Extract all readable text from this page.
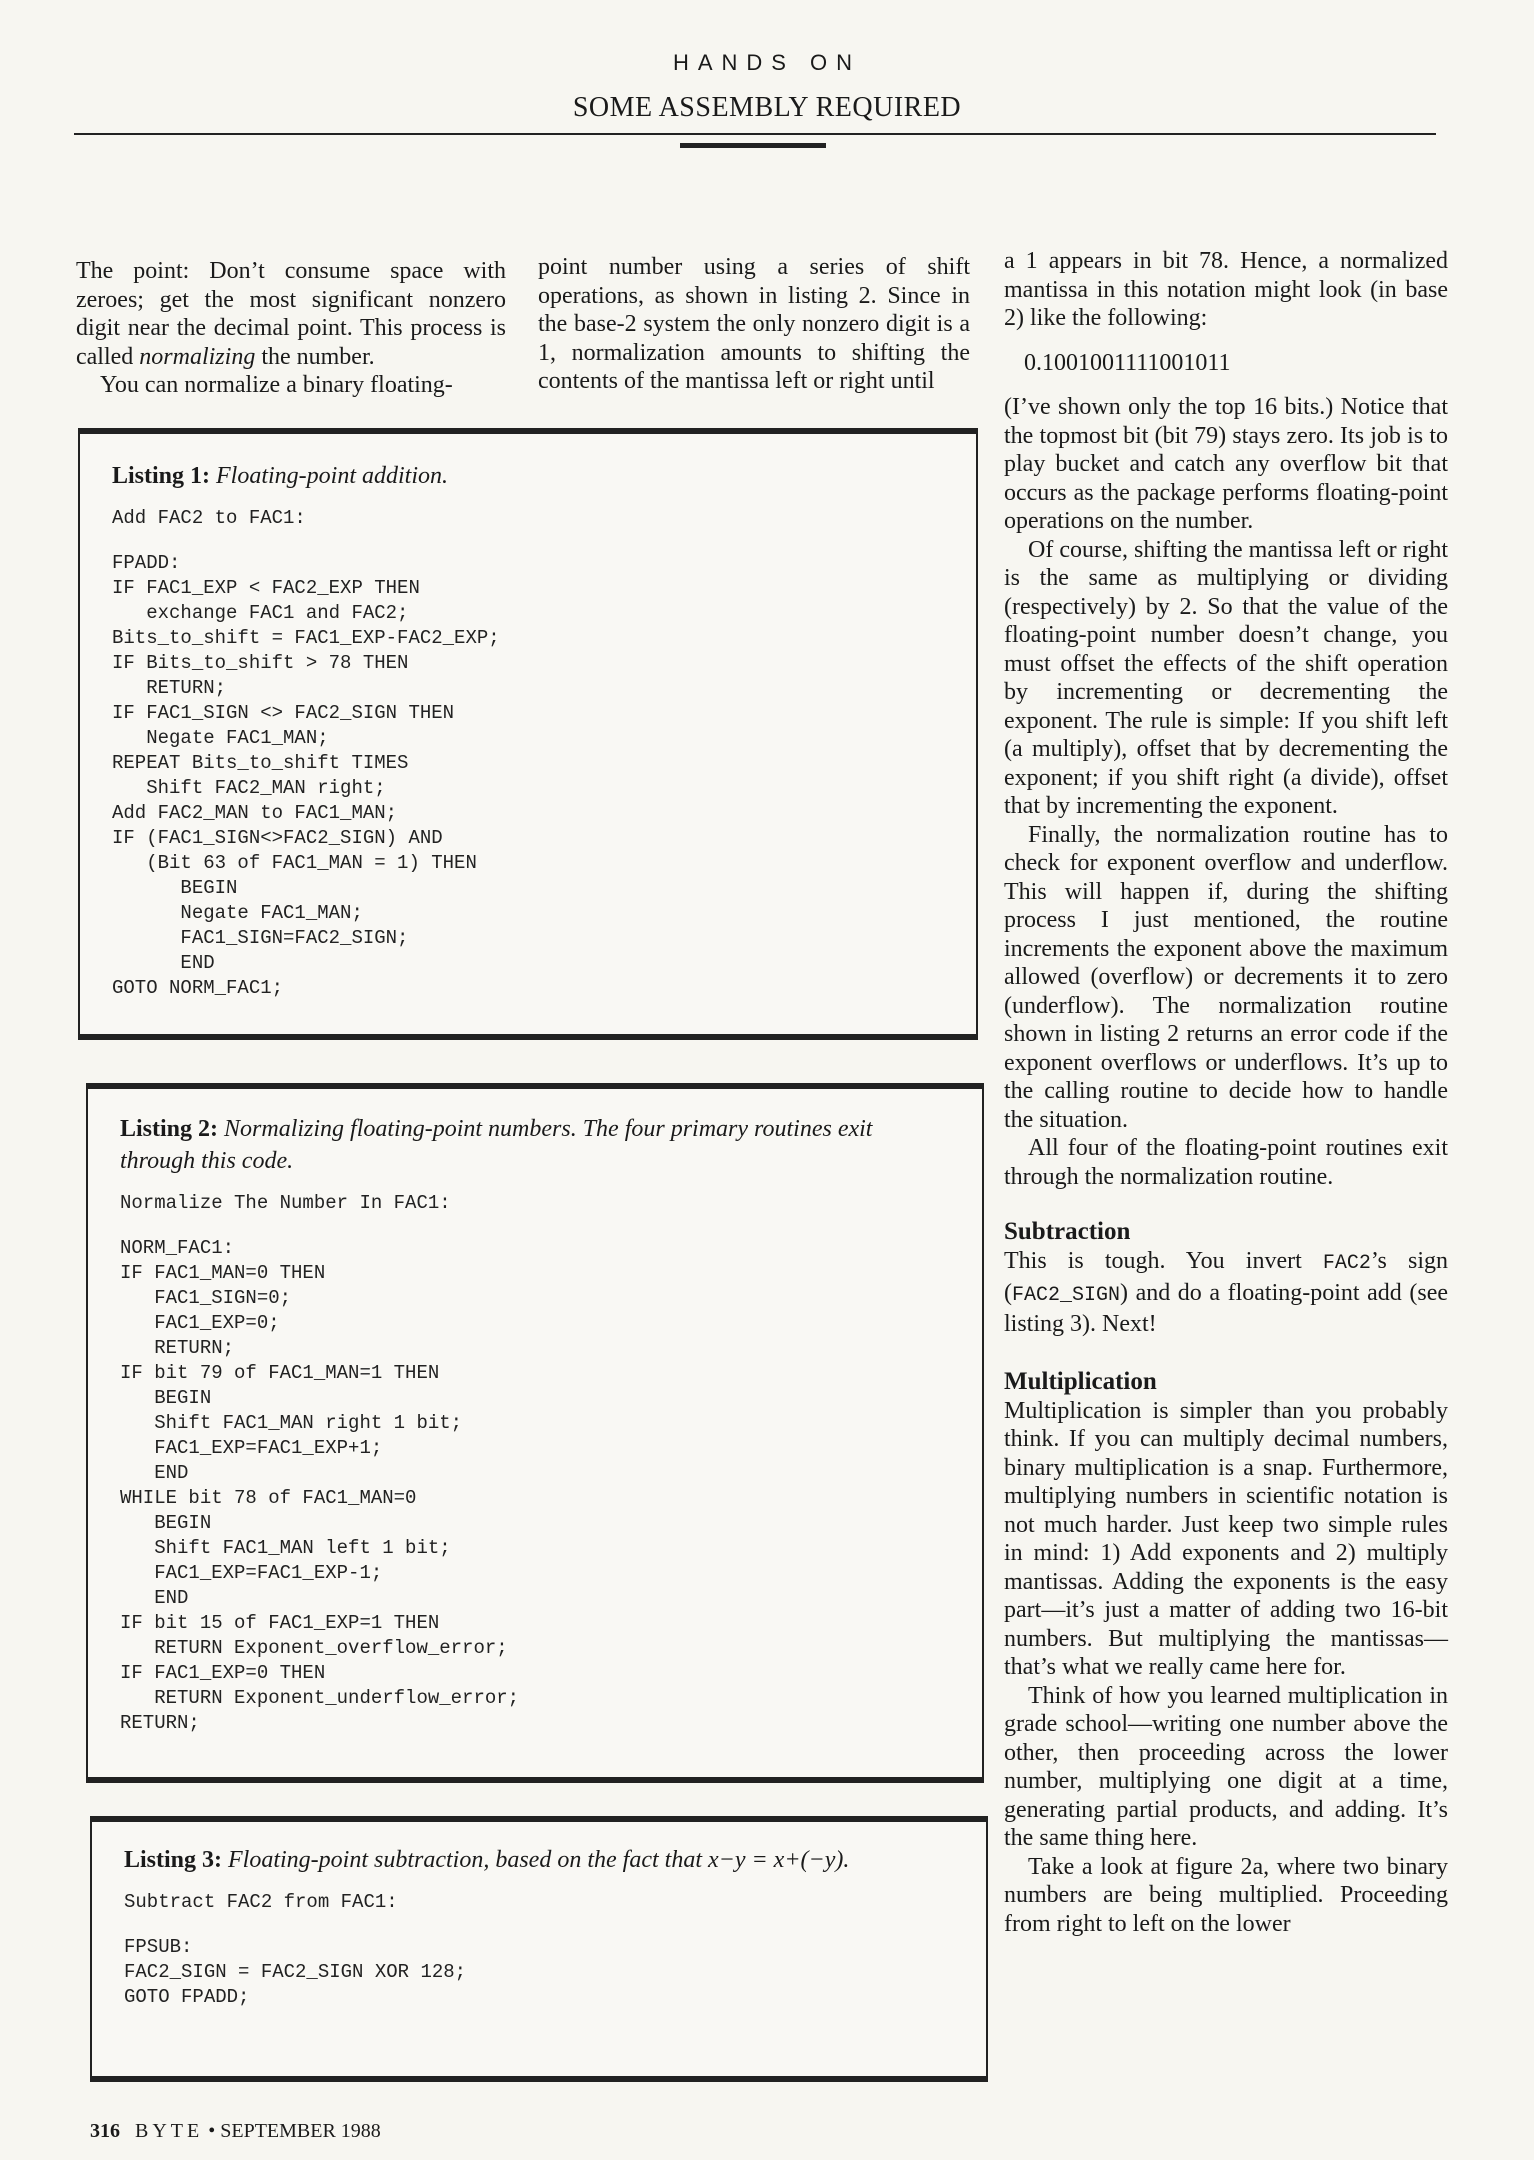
HANDS ON
SOME ASSEMBLY REQUIRED

The point: Don’t consume space with zeroes; get the most significant nonzero digit near the decimal point. This process is called normalizing the number.

You can normalize a binary floating-

point number using a series of shift operations, as shown in listing 2. Since in the base-2 system the only nonzero digit is a 1, normalization amounts to shifting the contents of the mantissa left or right until

a 1 appears in bit 78. Hence, a normalized mantissa in this notation might look (in base 2) like the following:

0.1001001111001011

(I’ve shown only the top 16 bits.) Notice that the topmost bit (bit 79) stays zero. Its job is to play bucket and catch any overflow bit that occurs as the package performs floating-point operations on the number.

Of course, shifting the mantissa left or right is the same as multiplying or dividing (respectively) by 2. So that the value of the floating-point number doesn’t change, you must offset the effects of the shift operation by incrementing or decrementing the exponent. The rule is simple: If you shift left (a multiply), offset that by decrementing the exponent; if you shift right (a divide), offset that by incrementing the exponent.

Finally, the normalization routine has to check for exponent overflow and underflow. This will happen if, during the shifting process I just mentioned, the routine increments the exponent above the maximum allowed (overflow) or decrements it to zero (underflow). The normalization routine shown in listing 2 returns an error code if the exponent overflows or underflows. It’s up to the calling routine to decide how to handle the situation.

All four of the floating-point routines exit through the normalization routine.

Subtraction

This is tough. You invert FAC2’s sign (FAC2_SIGN) and do a floating-point add (see listing 3). Next!

Multiplication

Multiplication is simpler than you probably think. If you can multiply decimal numbers, binary multiplication is a snap. Furthermore, multiplying numbers in scientific notation is not much harder. Just keep two simple rules in mind: 1) Add exponents and 2) multiply mantissas. Adding the exponents is the easy part—it’s just a matter of adding two 16-bit numbers. But multiplying the mantissas—that’s what we really came here for.

Think of how you learned multiplication in grade school—writing one number above the other, then proceeding across the lower number, multiplying one digit at a time, generating partial products, and adding. It’s the same thing here.

Take a look at figure 2a, where two binary numbers are being multiplied. Proceeding from right to left on the lower

Listing 1: Floating-point addition.

Add FAC2 to FAC1:
FPADD:
IF FAC1_EXP < FAC2_EXP THEN
exchange FAC1 and FAC2;
Bits_to_shift = FAC1_EXP-FAC2_EXP;
IF Bits_to_shift > 78 THEN
RETURN;
IF FAC1_SIGN <> FAC2_SIGN THEN
Negate FAC1_MAN;
REPEAT Bits_to_shift TIMES
Shift FAC2_MAN right;
Add FAC2_MAN to FAC1_MAN;
IF (FAC1_SIGN<>FAC2_SIGN) AND
(Bit 63 of FAC1_MAN = 1) THEN
BEGIN
Negate FAC1_MAN;
FAC1_SIGN=FAC2_SIGN;
END
GOTO NORM_FAC1;

Listing 2: Normalizing floating-point numbers. The four primary routines exit through this code.

Normalize The Number In FAC1:
NORM_FAC1:
IF FAC1_MAN=0 THEN
FAC1_SIGN=0;
FAC1_EXP=0;
RETURN;
IF bit 79 of FAC1_MAN=1 THEN
BEGIN
Shift FAC1_MAN right 1 bit;
FAC1_EXP=FAC1_EXP+1;
END
WHILE bit 78 of FAC1_MAN=0
BEGIN
Shift FAC1_MAN left 1 bit;
FAC1_EXP=FAC1_EXP-1;
END
IF bit 15 of FAC1_EXP=1 THEN
RETURN Exponent_overflow_error;
IF FAC1_EXP=0 THEN
RETURN Exponent_underflow_error;
RETURN;

Listing 3: Floating-point subtraction, based on the fact that x−y = x+(−y).

Subtract FAC2 from FAC1:
FPSUB:
FAC2_SIGN = FAC2_SIGN XOR 128;
GOTO FPADD;
316 BYTE • SEPTEMBER 1988
